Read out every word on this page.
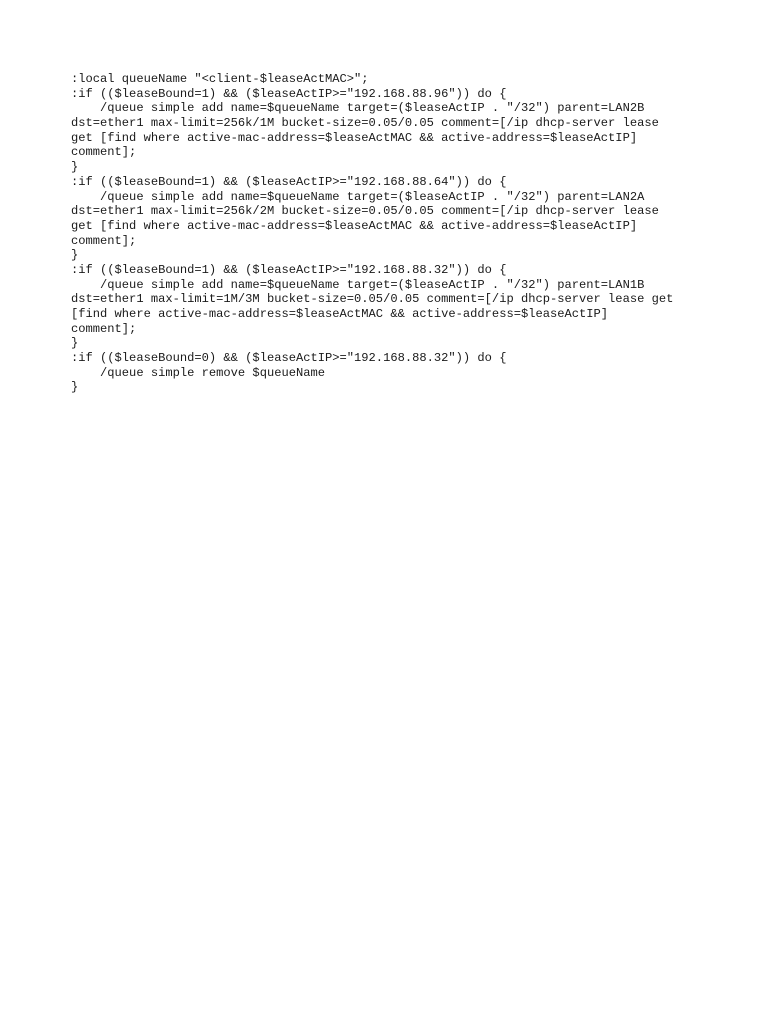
:local queueName "<client-$leaseActMAC>";
:if (($leaseBound=1) && ($leaseActIP>="192.168.88.96")) do {
/queue simple add name=$queueName target=($leaseActIP . "/32") parent=LAN2B
dst=ether1 max-limit=256k/1M bucket-size=0.05/0.05 comment=[/ip dhcp-server lease
get [find where active-mac-address=$leaseActMAC && active-address=$leaseActIP]
comment];
}
:if (($leaseBound=1) && ($leaseActIP>="192.168.88.64")) do {
/queue simple add name=$queueName target=($leaseActIP . "/32") parent=LAN2A
dst=ether1 max-limit=256k/2M bucket-size=0.05/0.05 comment=[/ip dhcp-server lease
get [find where active-mac-address=$leaseActMAC && active-address=$leaseActIP]
comment];
}
:if (($leaseBound=1) && ($leaseActIP>="192.168.88.32")) do {
/queue simple add name=$queueName target=($leaseActIP . "/32") parent=LAN1B
dst=ether1 max-limit=1M/3M bucket-size=0.05/0.05 comment=[/ip dhcp-server lease get
[find where active-mac-address=$leaseActMAC && active-address=$leaseActIP]
comment];
}
:if (($leaseBound=0) && ($leaseActIP>="192.168.88.32")) do {
/queue simple remove $queueName
}
